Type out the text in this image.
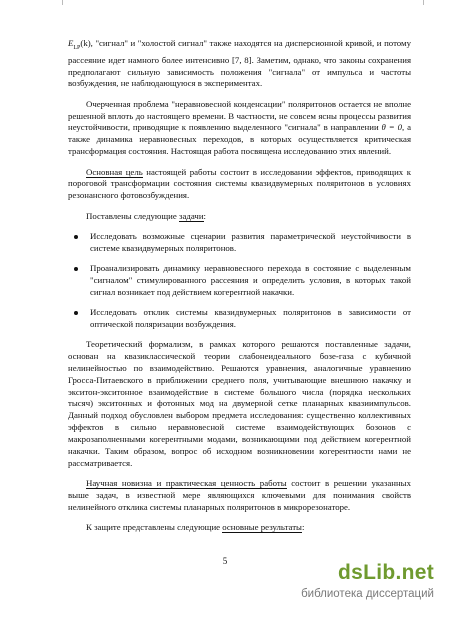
$E_{LP}(k)$, "сигнал" и "холостой сигнал" также находятся на дисперсионной кривой, и потому рассеяние идет намного более интенсивно [7, 8]. Заметим, однако, что законы сохранения предполагают сильную зависимость положения "сигнала" от импульса и частоты возбуждения, не наблюдающуюся в экспериментах.

Очерченная проблема "неравновесной конденсации" поляритонов остается не вполне решенной вплоть до настоящего времени. В частности, не совсем ясны процессы развития неустойчивости, приводящие к появлению выделенного "сигнала" в направлении θ = 0, а также динамика неравновесных переходов, в которых осуществляется критическая трансформация состояния. Настоящая работа посвящена исследованию этих явлений.

Основная цель настоящей работы состоит в исследовании эффектов, приводящих к пороговой трансформации состояния системы квазидвумерных поляритонов в условиях резонансного фотовозбуждения.

Поставлены следующие задачи:

Исследовать возможные сценарии развития параметрической неустойчивости в системе квазидвумерных поляритонов.
Проанализировать динамику неравновесного перехода в состояние с выделенным "сигналом" стимулированного рассеяния и определить условия, в которых такой сигнал возникает под действием когерентной накачки.
Исследовать отклик системы квазидвумерных поляритонов в зависимости от оптической поляризации возбуждения.

Теоретический формализм, в рамках которого решаются поставленные задачи, основан на квазиклассической теории слабонеидеального бозе-газа с кубичной нелинейностью по взаимодействию. Решаются уравнения, аналогичные уравнению Гросса-Питаевского в приближении среднего поля, учитывающие внешнюю накачку и экситон-экситонное взаимодействие в системе большого числа (порядка нескольких тысяч) экситонных и фотонных мод на двумерной сетке планарных квазиимпульсов. Данный подход обусловлен выбором предмета исследования: существенно коллективных эффектов в сильно неравновесной системе взаимодействующих бозонов с макрозаполненными когерентными модами, возникающими под действием когерентной накачки. Таким образом, вопрос об исходном возникновении когерентности нами не рассматривается.

Научная новизна и практическая ценность работы состоит в решении указанных выше задач, в известной мере являющихся ключевыми для понимания свойств нелинейного отклика системы планарных поляритонов в микрорезонаторе.

К защите представлены следующие основные результаты:

5	dsLib.net
библиотека диссертаций
